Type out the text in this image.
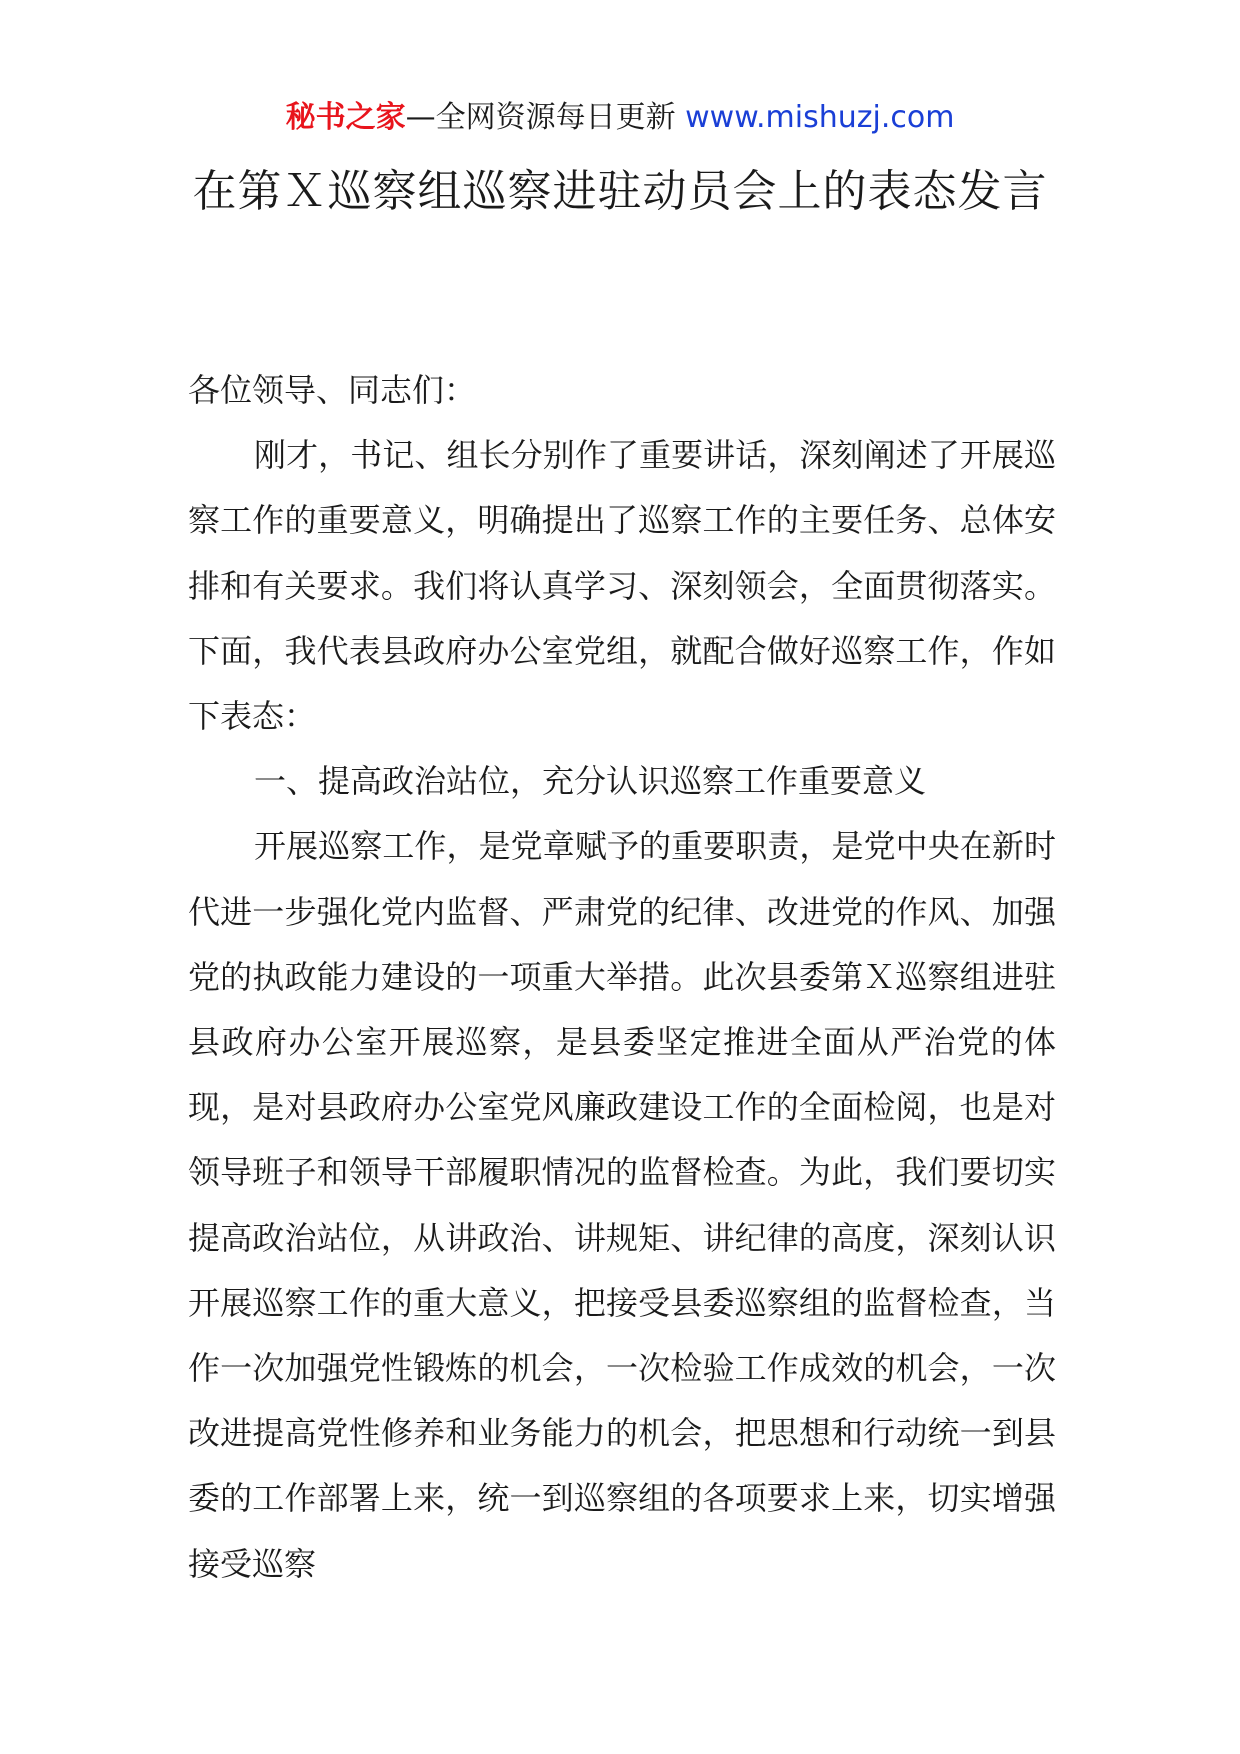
秘书之家—全网资源每日更新 www.mishuzj.com
在第Ｘ巡察组巡察进驻动员会上的表态发言

各位领导、同志们：

刚才，书记、组长分别作了重要讲话，深刻阐述了开展巡察工作的重要意义，明确提出了巡察工作的主要任务、总体安排和有关要求。我们将认真学习、深刻领会，全面贯彻落实。下面，我代表县政府办公室党组，就配合做好巡察工作，作如下表态：

一、提高政治站位，充分认识巡察工作重要意义

开展巡察工作，是党章赋予的重要职责，是党中央在新时代进一步强化党内监督、严肃党的纪律、改进党的作风、加强党的执政能力建设的一项重大举措。此次县委第Ｘ巡察组进驻县政府办公室开展巡察，是县委坚定推进全面从严治党的体现，是对县政府办公室党风廉政建设工作的全面检阅，也是对领导班子和领导干部履职情况的监督检查。为此，我们要切实提高政治站位，从讲政治、讲规矩、讲纪律的高度，深刻认识开展巡察工作的重大意义，把接受县委巡察组的监督检查，当作一次加强党性锻炼的机会，一次检验工作成效的机会，一次改进提高党性修养和业务能力的机会，把思想和行动统一到县委的工作部署上来，统一到巡察组的各项要求上来，切实增强接受巡察
